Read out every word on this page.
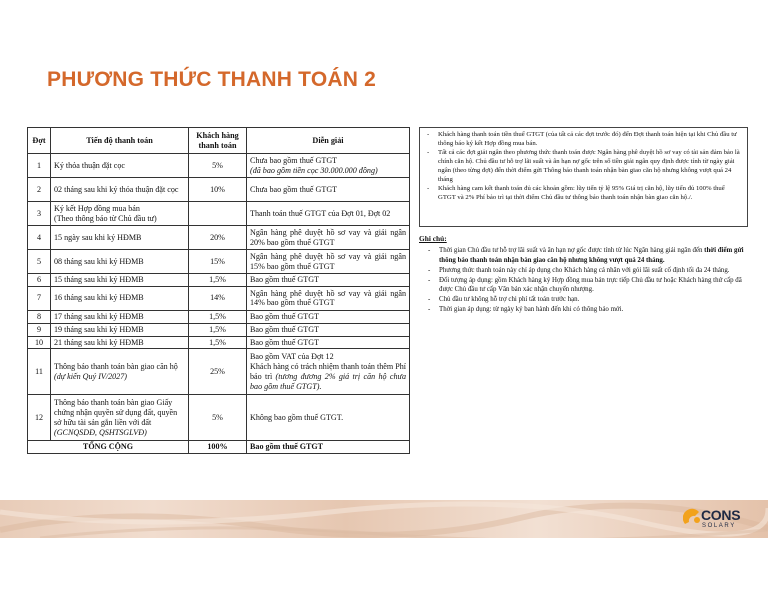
PHƯƠNG THỨC THANH TOÁN 2
Đợt	Tiến độ thanh toán	Khách hàng thanh toán	Diễn giải
1	Ký thỏa thuận đặt cọc	5%	Chưa bao gồm thuế GTGT
(đã bao gồm tiền cọc 30.000.000 đồng)
2	02 tháng sau khi ký thỏa thuận đặt cọc	10%	Chưa bao gồm thuế GTGT
3	Ký kết Hợp đồng mua bán
(Theo thông báo từ Chủ đầu tư)		Thanh toán thuế GTGT của Đợt 01, Đợt 02
4	15 ngày sau khi ký HĐMB	20%	Ngân hàng phê duyệt hồ sơ vay và giải ngân 20% bao gồm thuế GTGT
5	08 tháng sau khi ký HĐMB	15%	Ngân hàng phê duyệt hồ sơ vay và giải ngân 15% bao gồm thuế GTGT
6	15 tháng sau khi ký HĐMB	1,5%	Bao gồm thuế GTGT
7	16 tháng sau khi ký HĐMB	14%	Ngân hàng phê duyệt hồ sơ vay và giải ngân 14% bao gồm thuế GTGT
8	17 tháng sau khi ký HĐMB	1,5%	Bao gồm thuế GTGT
9	19 tháng sau khi ký HĐMB	1,5%	Bao gồm thuế GTGT
10	21 tháng sau khi ký HĐMB	1,5%	Bao gồm thuế GTGT
11	Thông báo thanh toán bàn giao căn hộ
(dự kiến Quý IV/2027)	25%	Bao gồm VAT của Đợt 12
Khách hàng có trách nhiệm thanh toán thêm Phí bảo trì (tương đương 2% giá trị căn hộ chưa bao gồm thuế GTGT).
12	Thông báo thanh toán bàn giao Giấy chứng nhận quyền sử dụng đất, quyền sở hữu tài sản gắn liền với đất
(GCNQSDĐ, QSHTSGLVĐ)	5%	Không bao gồm thuế GTGT.
TỔNG CỘNG		100%	Bao gồm thuế GTGT
- Khách hàng thanh toán tiền thuế GTGT (của tất cả các đợt trước đó) đến Đợt thanh toán hiện tại khi Chủ đầu tư thông báo ký kết Hợp đồng mua bán.
- Tất cả các đợt giải ngân theo phương thức thanh toán được Ngân hàng phê duyệt hồ sơ vay có tài sản đảm bảo là chính căn hộ. Chủ đầu tư hỗ trợ lãi suất và ân hạn nợ gốc trên số tiền giải ngân quy định được tính từ ngày giải ngân (theo từng đợt) đến thời điểm gửi Thông báo thanh toán nhận bàn giao căn hộ nhưng không vượt quá 24 tháng
- Khách hàng cam kết thanh toán đủ các khoản gồm: lũy tiến tỷ lệ 95% Giá trị căn hộ, lũy tiến đủ 100% thuế GTGT và 2% Phí bảo trì tại thời điểm Chủ đầu tư thông báo thanh toán nhận bàn giao căn hộ./.
Ghi chú:
- Thời gian Chủ đầu tư hỗ trợ lãi suất và ân hạn nợ gốc được tính từ lúc Ngân hàng giải ngân đến thời điểm gửi thông báo thanh toán nhận bàn giao căn hộ nhưng không vượt quá 24 tháng.
- Phương thức thanh toán này chỉ áp dụng cho Khách hàng cá nhân với gói lãi suất cố định tối đa 24 tháng.
- Đối tượng áp dụng: gồm Khách hàng ký Hợp đồng mua bán trực tiếp Chủ đầu tư hoặc Khách hàng thứ cấp đã được Chủ đầu tư cấp Văn bản xác nhận chuyển nhượng.
- Chủ đầu tư không hỗ trợ chi phí tất toán trước hạn.
- Thời gian áp dụng: từ ngày ký ban hành đến khi có thông báo mới.
CONS
SOLARY
